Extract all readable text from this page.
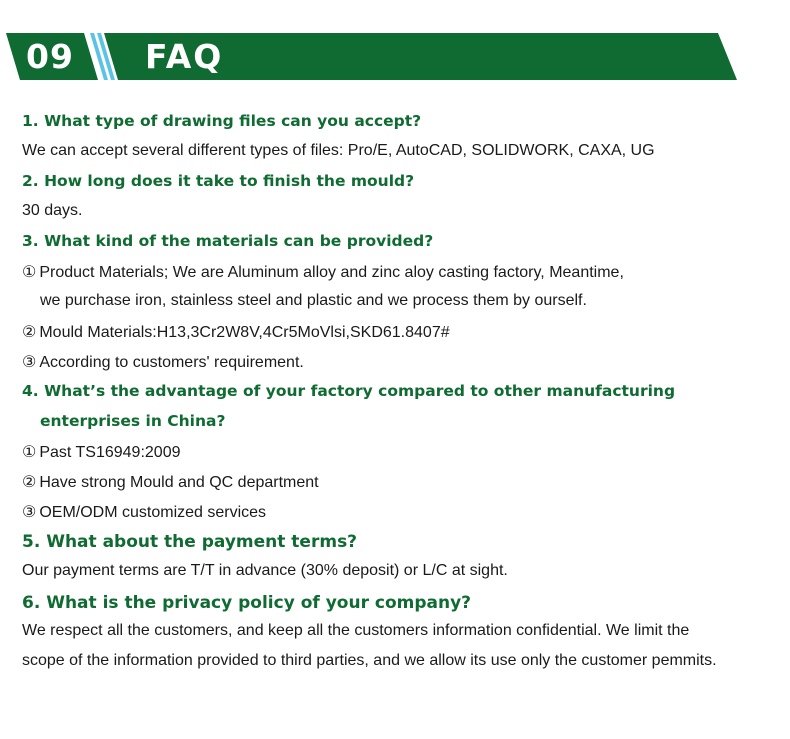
09 FAQ
1. What type of drawing files can you accept?
We can accept several different types of files: Pro/E, AutoCAD, SOLIDWORK, CAXA, UG
2. How long does it take to finish the mould?
30 days.
3. What kind of the materials can be provided?
① Product Materials; We are Aluminum alloy and zinc aloy casting factory, Meantime,
we purchase iron, stainless steel and plastic and we process them by ourself.
② Mould Materials:H13,3Cr2W8V,4Cr5MoVlsi,SKD61.8407#
③ According to customers' requirement.
4. What’s the advantage of your factory compared to other manufacturing
enterprises in China?
① Past TS16949:2009
② Have strong Mould and QC department
③ OEM/ODM customized services
5. What about the payment terms?
Our payment terms are T/T in advance (30% deposit) or L/C at sight.
6. What is the privacy policy of your company?
We respect all the customers, and keep all the customers information confidential. We limit the
scope of the information provided to third parties, and we allow its use only the customer pemmits.
